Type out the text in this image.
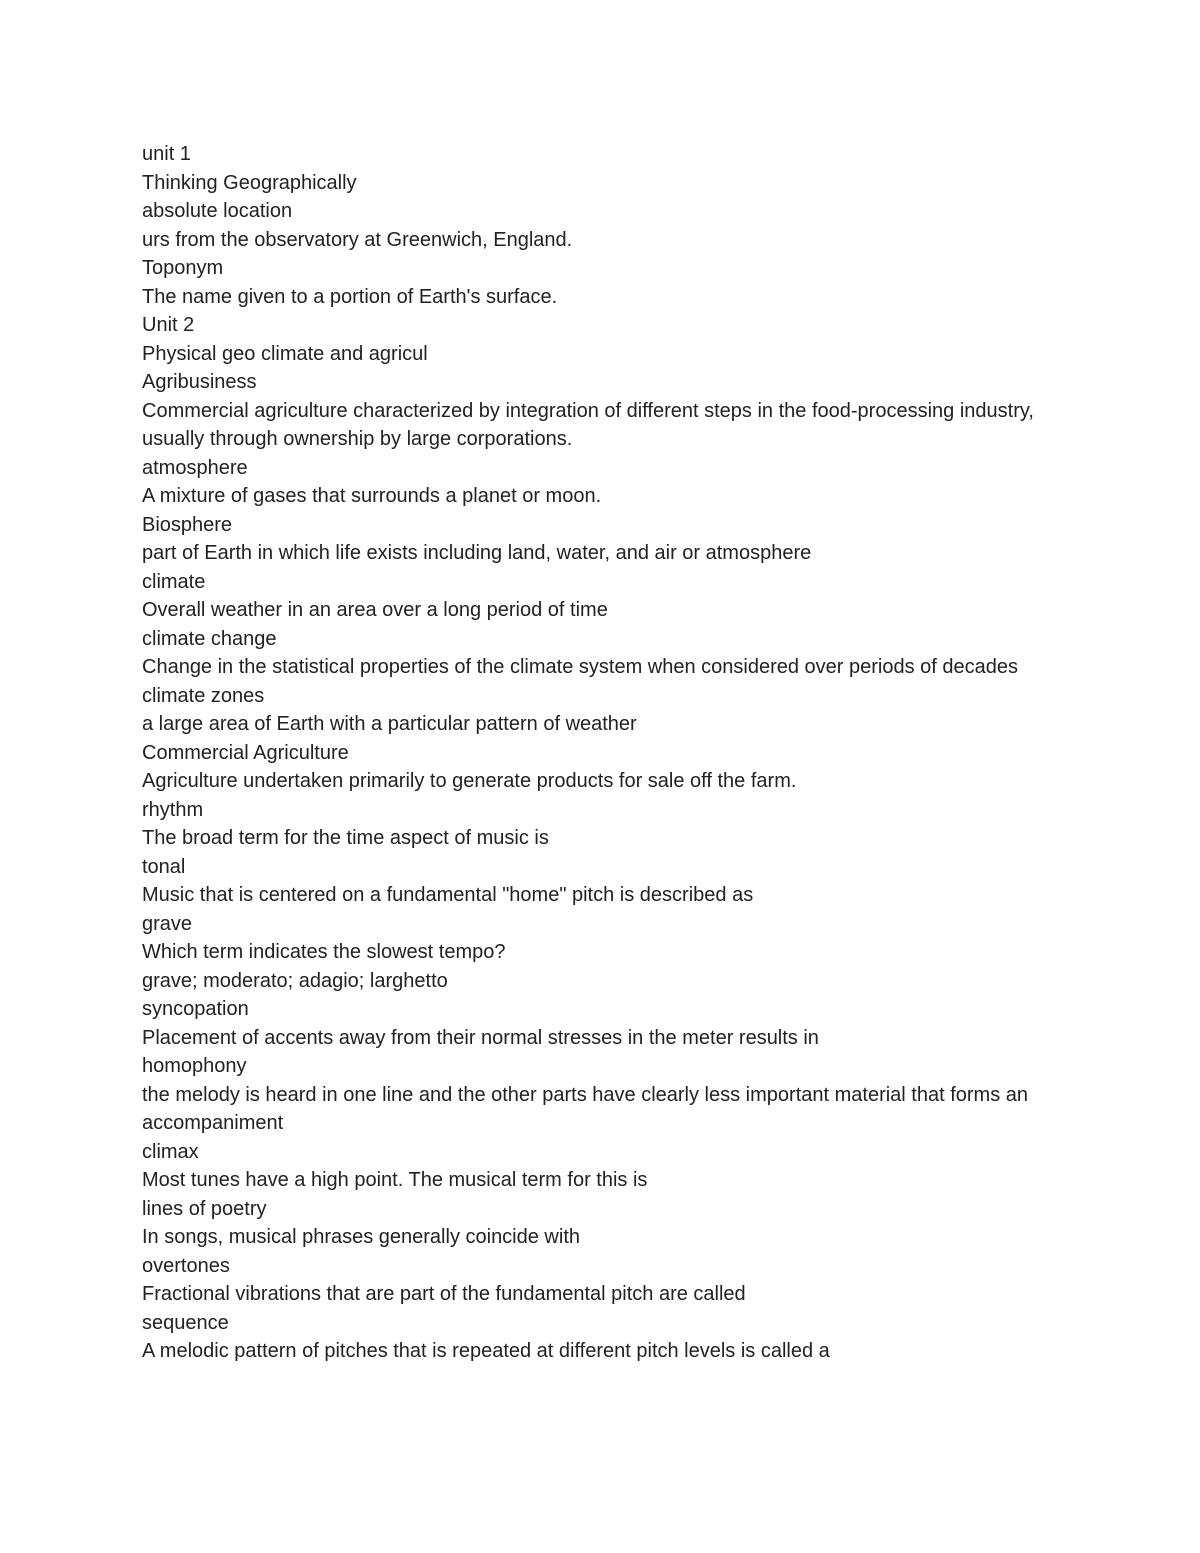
unit 1

Thinking Geographically

absolute location

urs from the observatory at Greenwich, England.

Toponym

The name given to a portion of Earth's surface.

Unit 2

Physical geo climate and agricul

Agribusiness

Commercial agriculture characterized by integration of different steps in the food-processing industry, usually through ownership by large corporations.

atmosphere

A mixture of gases that surrounds a planet or moon.

Biosphere

part of Earth in which life exists including land, water, and air or atmosphere

climate

Overall weather in an area over a long period of time

climate change

Change in the statistical properties of the climate system when considered over periods of decades

climate zones

a large area of Earth with a particular pattern of weather

Commercial Agriculture

Agriculture undertaken primarily to generate products for sale off the farm.

rhythm

The broad term for the time aspect of music is

tonal

Music that is centered on a fundamental "home" pitch is described as

grave

Which term indicates the slowest tempo?

grave; moderato; adagio; larghetto

syncopation

Placement of accents away from their normal stresses in the meter results in

homophony

the melody is heard in one line and the other parts have clearly less important material that forms an accompaniment

climax

Most tunes have a high point. The musical term for this is

lines of poetry

In songs, musical phrases generally coincide with

overtones

Fractional vibrations that are part of the fundamental pitch are called

sequence

A melodic pattern of pitches that is repeated at different pitch levels is called a
